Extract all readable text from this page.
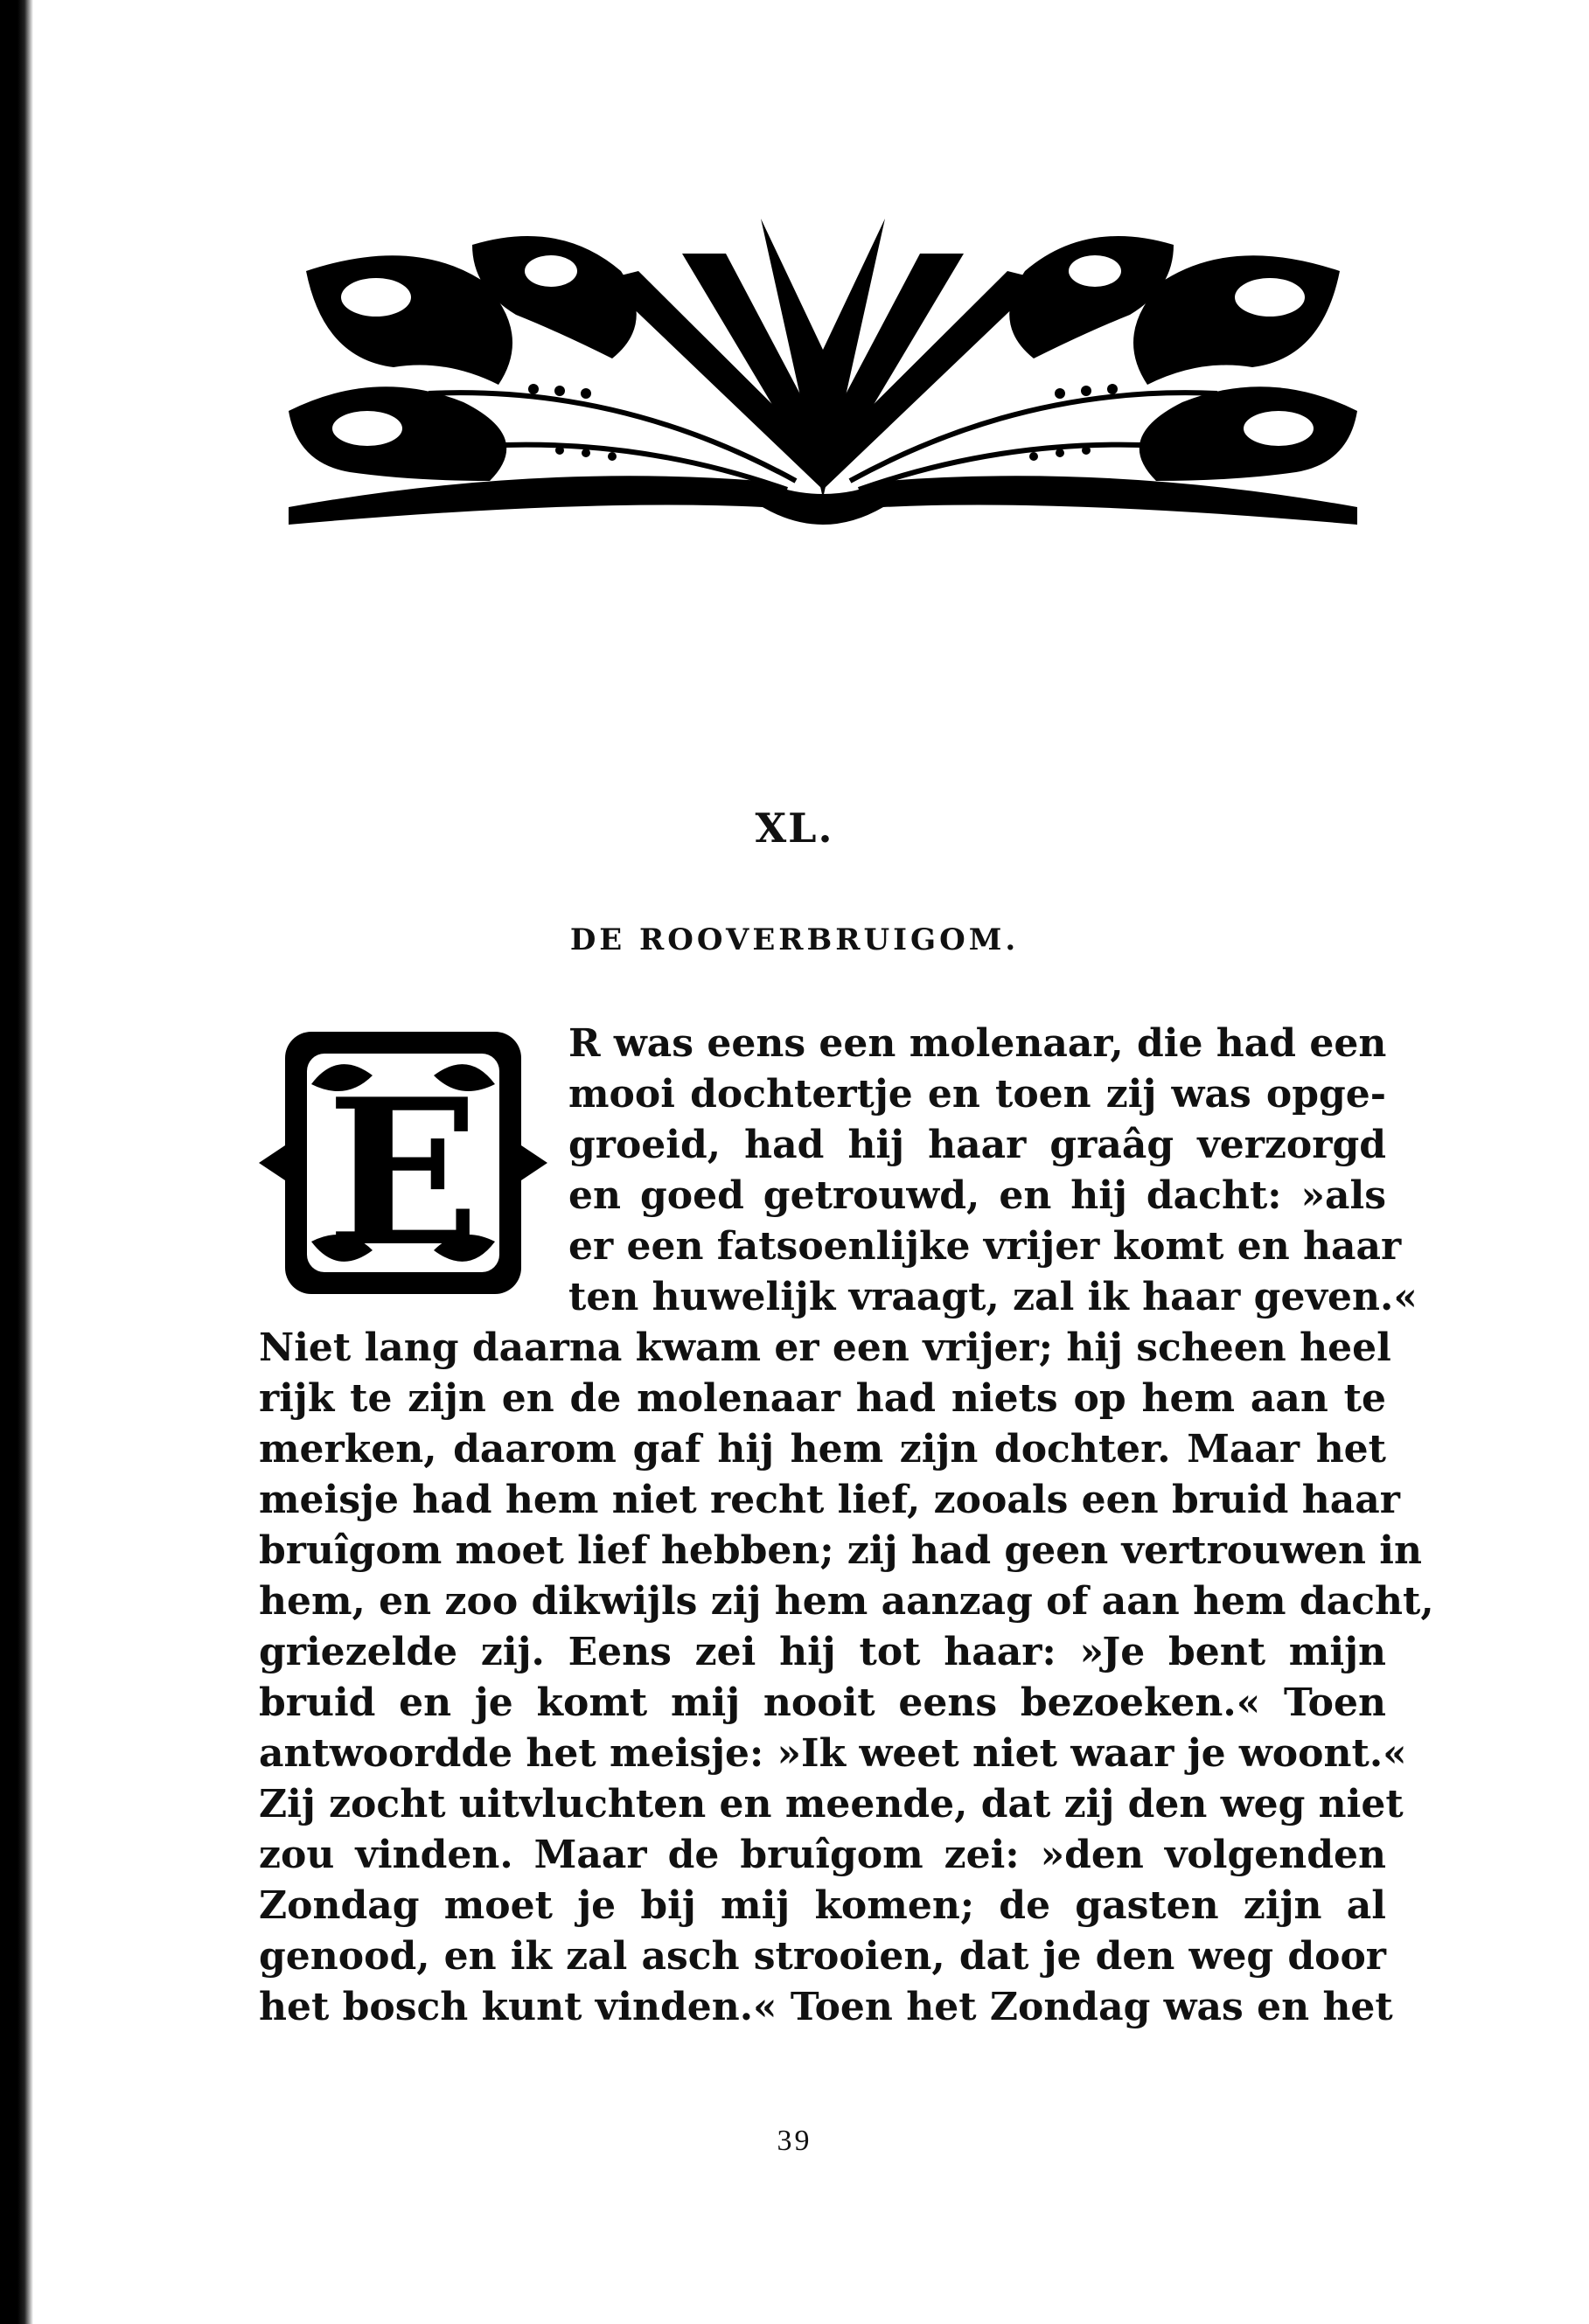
XL.
DE ROOVERBRUIGOM.
E
R was eens een molenaar, die had een
mooi dochtertje en toen zij was opge-
groeid, had hij haar graâg verzorgd
en goed getrouwd, en hij dacht: »als
er een fatsoenlijke vrijer komt en haar
ten huwelijk vraagt, zal ik haar geven.«
Niet lang daarna kwam er een vrijer; hij scheen heel
rijk te zijn en de molenaar had niets op hem aan te
merken, daarom gaf hij hem zijn dochter. Maar het
meisje had hem niet recht lief, zooals een bruid haar
bruîgom moet lief hebben; zij had geen vertrouwen in
hem, en zoo dikwijls zij hem aanzag of aan hem dacht,
griezelde zij. Eens zei hij tot haar: »Je bent mijn
bruid en je komt mij nooit eens bezoeken.« Toen
antwoordde het meisje: »Ik weet niet waar je woont.«
Zij zocht uitvluchten en meende, dat zij den weg niet
zou vinden. Maar de bruîgom zei: »den volgenden
Zondag moet je bij mij komen; de gasten zijn al
genood, en ik zal asch strooien, dat je den weg door
het bosch kunt vinden.« Toen het Zondag was en het
39
